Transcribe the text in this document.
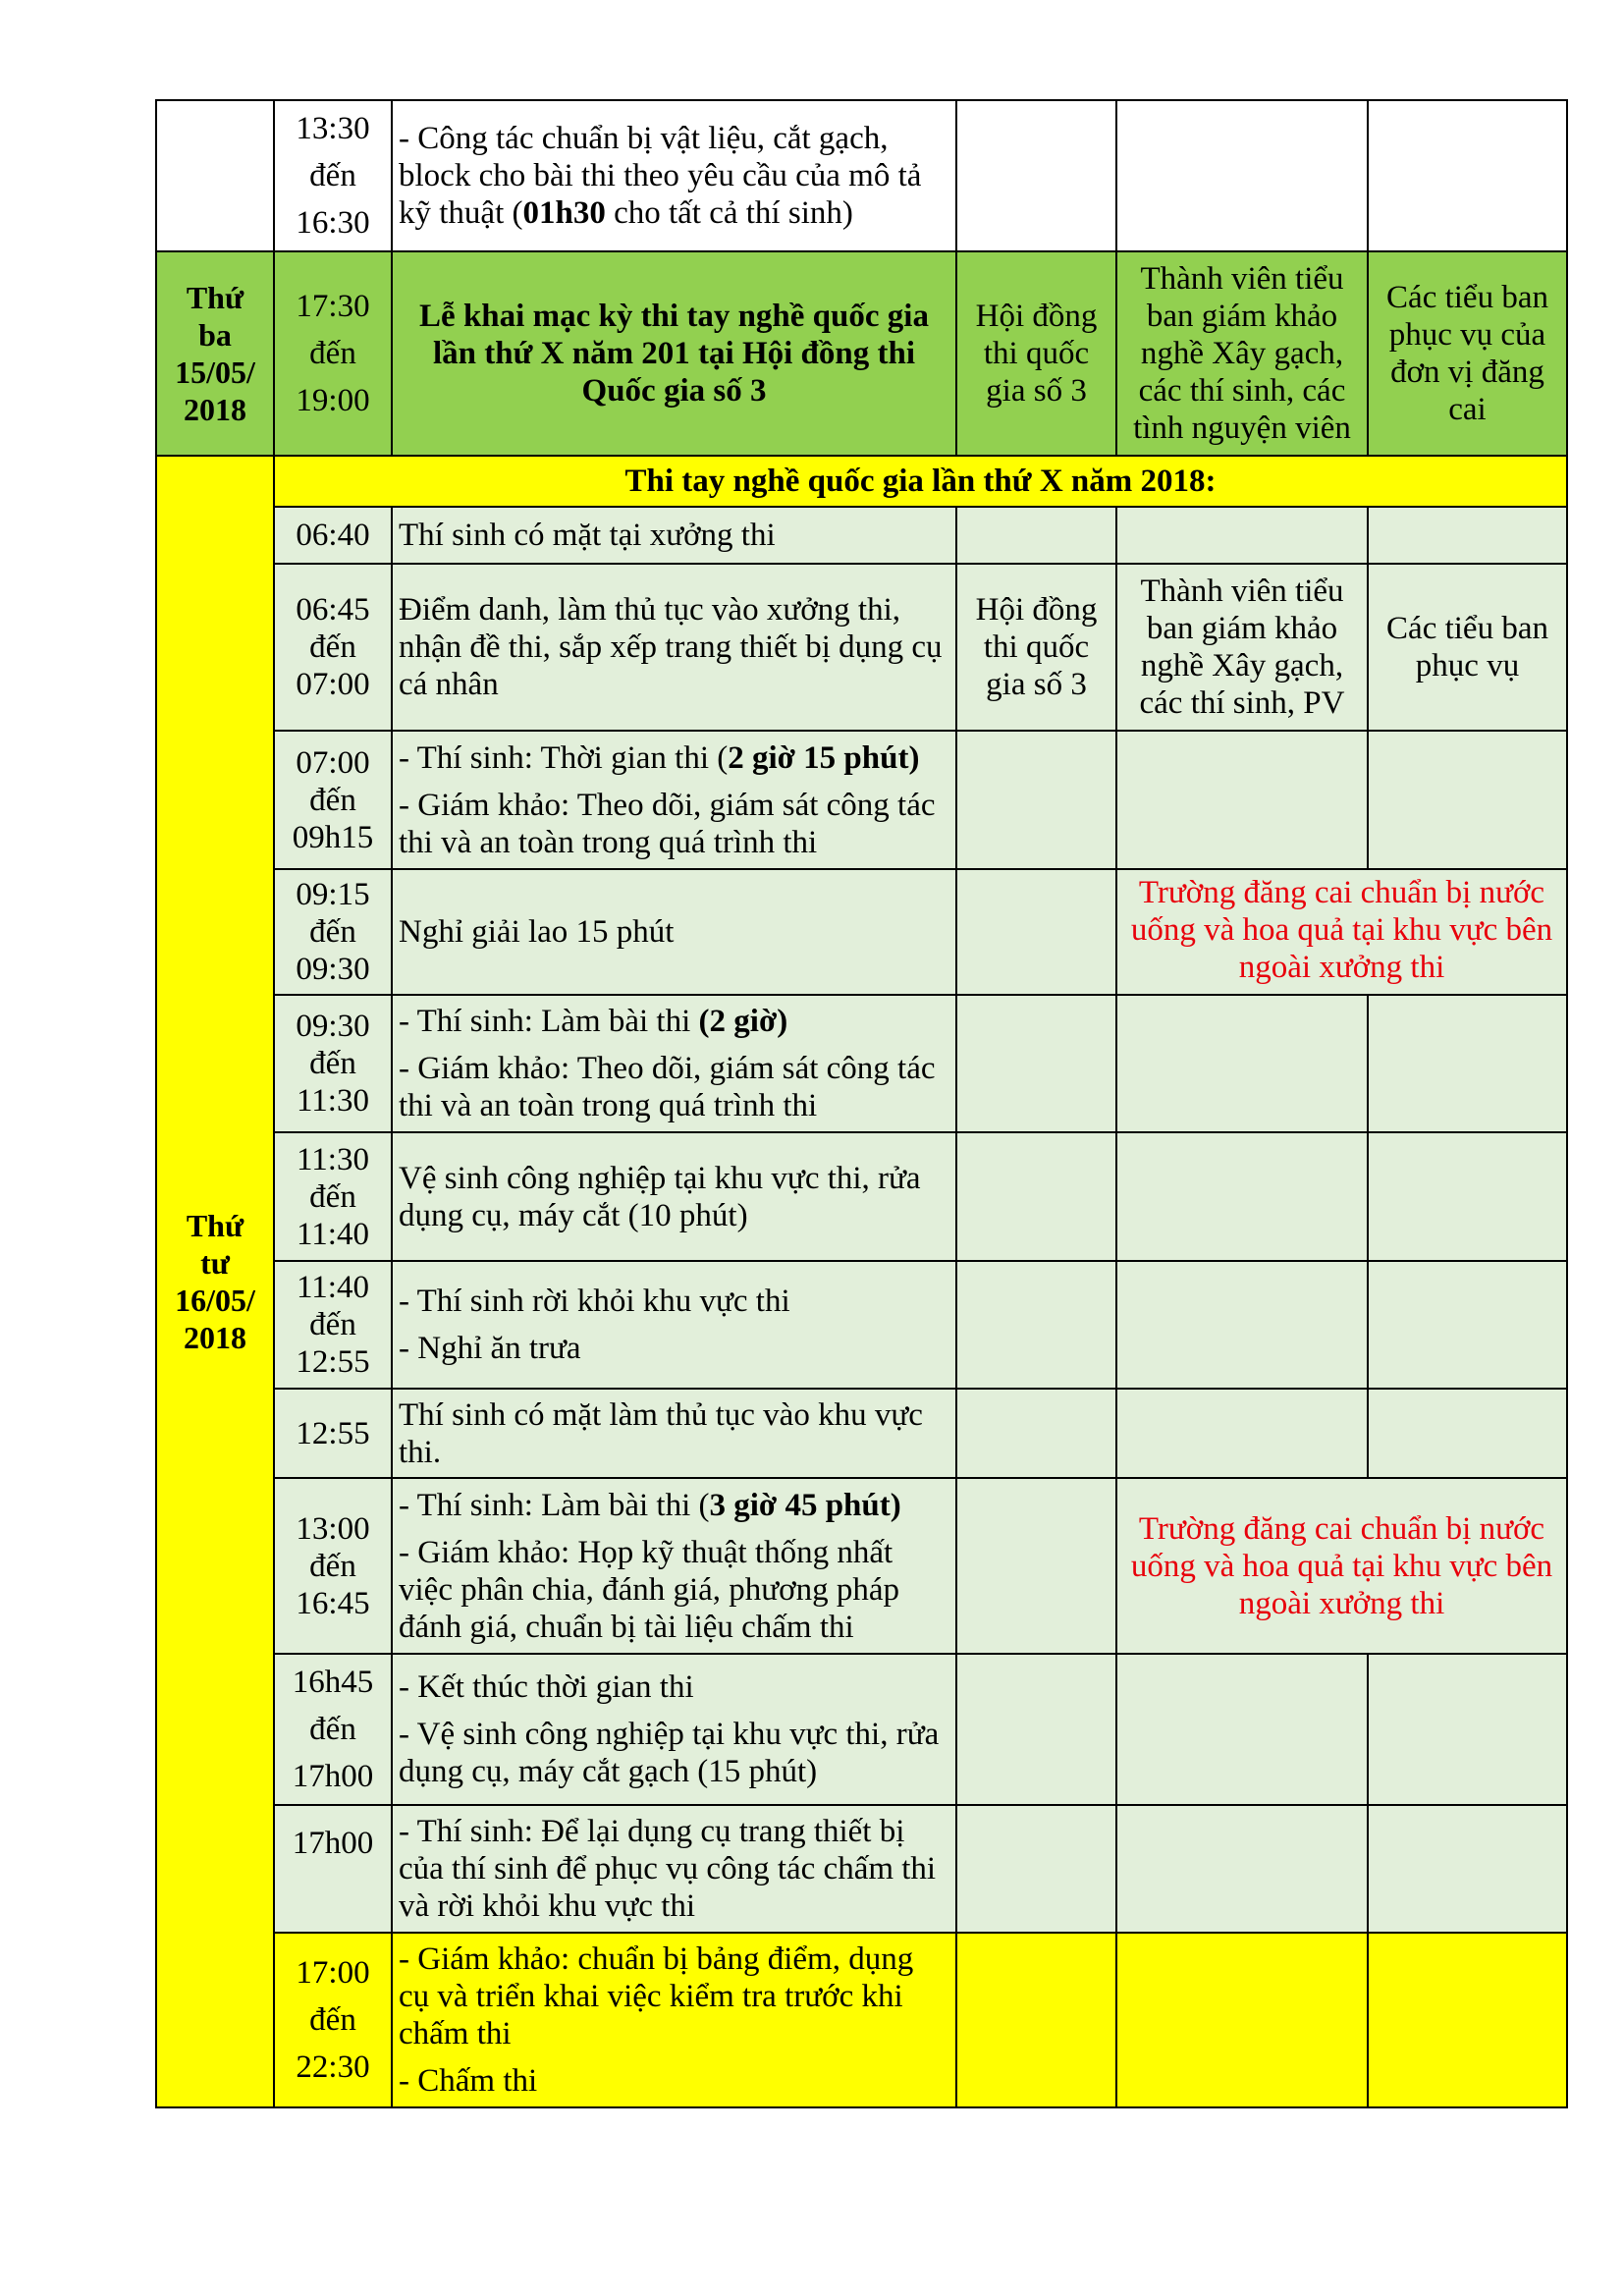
	13:30
đến
16:30	- Công tác chuẩn bị vật liệu, cắt gạch, block cho bài thi theo yêu cầu của mô tả kỹ thuật (01h30 cho tất cả thí sinh)			

Thứ
ba
15/05/
2018	17:30
đến
19:00	Lễ khai mạc kỳ thi tay nghề quốc gia lần thứ X năm 201 tại Hội đồng thi Quốc gia số 3	Hội đồng thi quốc gia số 3	Thành viên tiểu ban giám khảo nghề Xây gạch, các thí sinh, các tình nguyện viên	Các tiểu ban phục vụ của đơn vị đăng cai

Thứ
tư
16/05/
2018	Thi tay nghề quốc gia lần thứ X năm 2018:				
	06:40	Thí sinh có mặt tại xưởng thi			

	06:45
đến
07:00	Điểm danh, làm thủ tục vào xưởng thi, nhận đề thi, sắp xếp trang thiết bị dụng cụ cá nhân	Hội đồng thi quốc gia số 3	Thành viên tiểu ban giám khảo nghề Xây gạch, các thí sinh, PV	Các tiểu ban phục vụ

	07:00
đến
09h15	- Thí sinh: Thời gian thi (2 giờ 15 phút)
- Giám khảo: Theo dõi, giám sát công tác thi và an toàn trong quá trình thi			

	09:15
đến
09:30	Nghỉ giải lao 15 phút		Trường đăng cai chuẩn bị nước uống và hoa quả tại khu vực bên ngoài xưởng thi	

	09:30
đến
11:30	- Thí sinh: Làm bài thi (2 giờ)
- Giám khảo: Theo dõi, giám sát công tác thi và an toàn trong quá trình thi			

	11:30
đến
11:40	Vệ sinh công nghiệp tại khu vực thi, rửa dụng cụ, máy cắt (10 phút)			

	11:40
đến
12:55	- Thí sinh rời khỏi khu vực thi
- Nghỉ ăn trưa			

	12:55	Thí sinh có mặt làm thủ tục vào khu vực thi.			

	13:00
đến
16:45	- Thí sinh: Làm bài thi (3 giờ 45 phút)
- Giám khảo: Họp kỹ thuật thống nhất việc phân chia, đánh giá, phương pháp đánh giá, chuẩn bị tài liệu chấm thi		Trường đăng cai chuẩn bị nước uống và hoa quả tại khu vực bên ngoài xưởng thi	

	16h45
đến
17h00	- Kết thúc thời gian thi
- Vệ sinh công nghiệp tại khu vực thi, rửa dụng cụ, máy cắt gạch (15 phút)			

	17h00	- Thí sinh: Để lại dụng cụ trang thiết bị của thí sinh để phục vụ công tác chấm thi và rời khỏi khu vực thi			

	17:00
đến
22:30	- Giám khảo: chuẩn bị bảng điểm, dụng cụ và triển khai việc kiểm tra trước khi chấm thi
- Chấm thi			
